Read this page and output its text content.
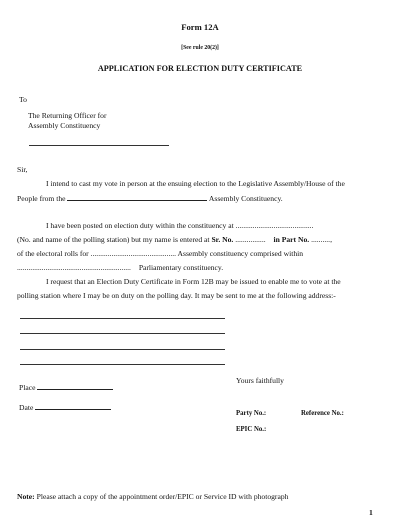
Form 12A
[See rule 20(2)]
APPLICATION FOR ELECTION DUTY CERTIFICATE
To
The Returning Officer for
Assembly Constituency
Sir,
I intend to cast my vote in person at the ensuing election to the Legislative Assembly/House of the
People from the	Assembly Constituency.
I have been posted on election duty within the constituency at .........................................
(No. and name of the polling station) but my name is entered at Sr. No. ................ in Part No. ..........,
of the electoral rolls for ............................................. Assembly constituency comprised within
............................................................ Parliamentary constituency.
I request that an Election Duty Certificate in Form 12B may be issued to enable me to vote at the
polling station where I may be on duty on the polling day. It may be sent to me at the following address:-
Yours faithfully
Place
Date
Party No.:	Reference No.:
EPIC No.:
Note: Please attach a copy of the appointment order/EPIC or Service ID with photograph
1
